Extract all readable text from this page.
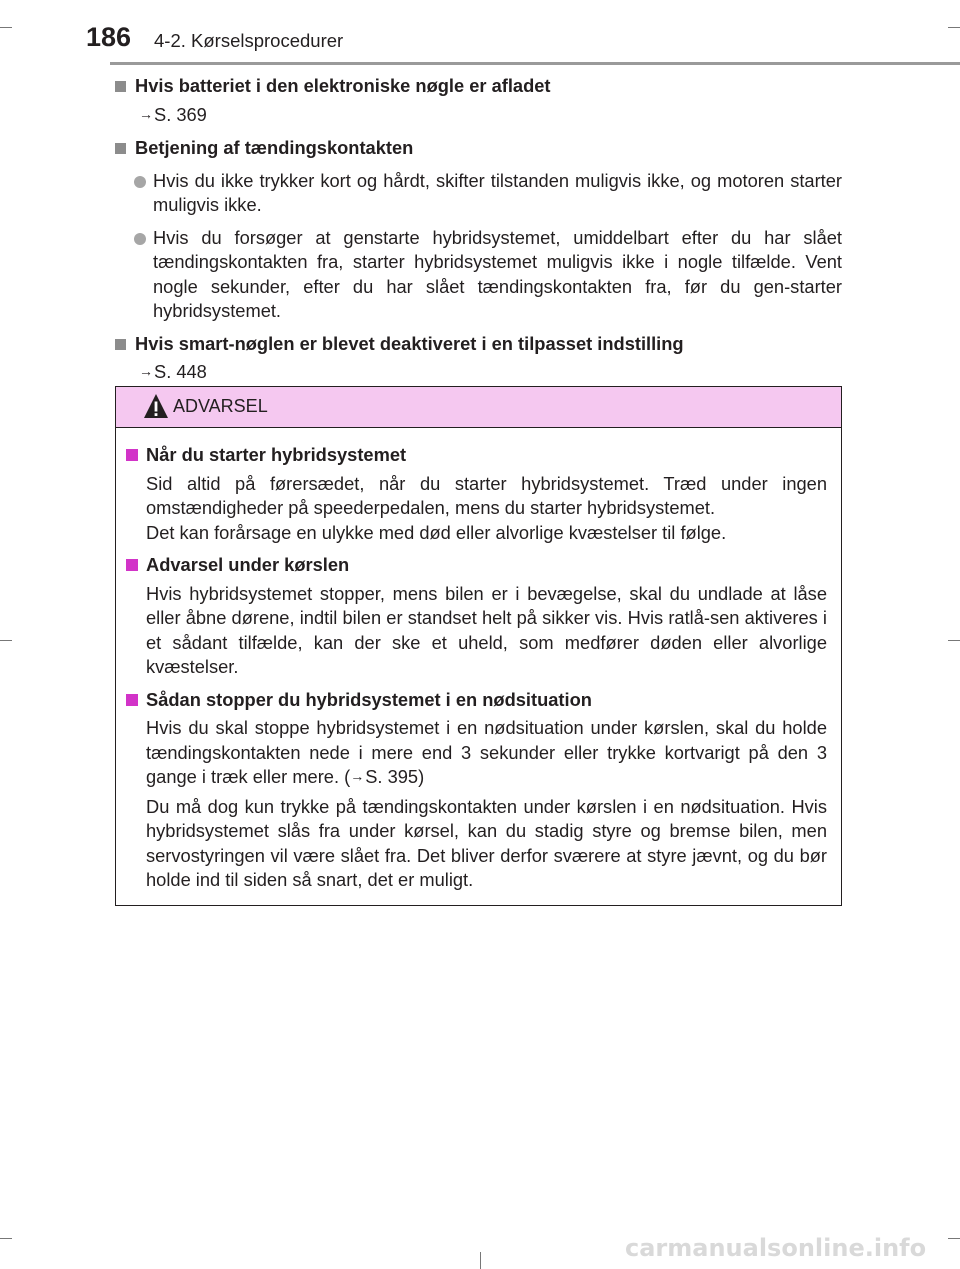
186 4-2. Kørselsprocedurer
Hvis batteriet i den elektroniske nøgle er afladet
→S. 369
Betjening af tændingskontakten
Hvis du ikke trykker kort og hårdt, skifter tilstanden muligvis ikke, og motoren starter muligvis ikke.
Hvis du forsøger at genstarte hybridsystemet, umiddelbart efter du har slået tændingskontakten fra, starter hybridsystemet muligvis ikke i nogle tilfælde. Vent nogle sekunder, efter du har slået tændingskontakten fra, før du gen-starter hybridsystemet.
Hvis smart-nøglen er blevet deaktiveret i en tilpasset indstilling
→S. 448
ADVARSEL
Når du starter hybridsystemet
Sid altid på førersædet, når du starter hybridsystemet. Træd under ingen omstændigheder på speederpedalen, mens du starter hybridsystemet.
Det kan forårsage en ulykke med død eller alvorlige kvæstelser til følge.
Advarsel under kørslen
Hvis hybridsystemet stopper, mens bilen er i bevægelse, skal du undlade at låse eller åbne dørene, indtil bilen er standset helt på sikker vis. Hvis ratlå-sen aktiveres i et sådant tilfælde, kan der ske et uheld, som medfører døden eller alvorlige kvæstelser.
Sådan stopper du hybridsystemet i en nødsituation
Hvis du skal stoppe hybridsystemet i en nødsituation under kørslen, skal du holde tændingskontakten nede i mere end 3 sekunder eller trykke kortvarigt på den 3 gange i træk eller mere. (→S. 395)
Du må dog kun trykke på tændingskontakten under kørslen i en nødsituation. Hvis hybridsystemet slås fra under kørsel, kan du stadig styre og bremse bilen, men servostyringen vil være slået fra. Det bliver derfor sværere at styre jævnt, og du bør holde ind til siden så snart, det er muligt.
carmanualsonline.info
